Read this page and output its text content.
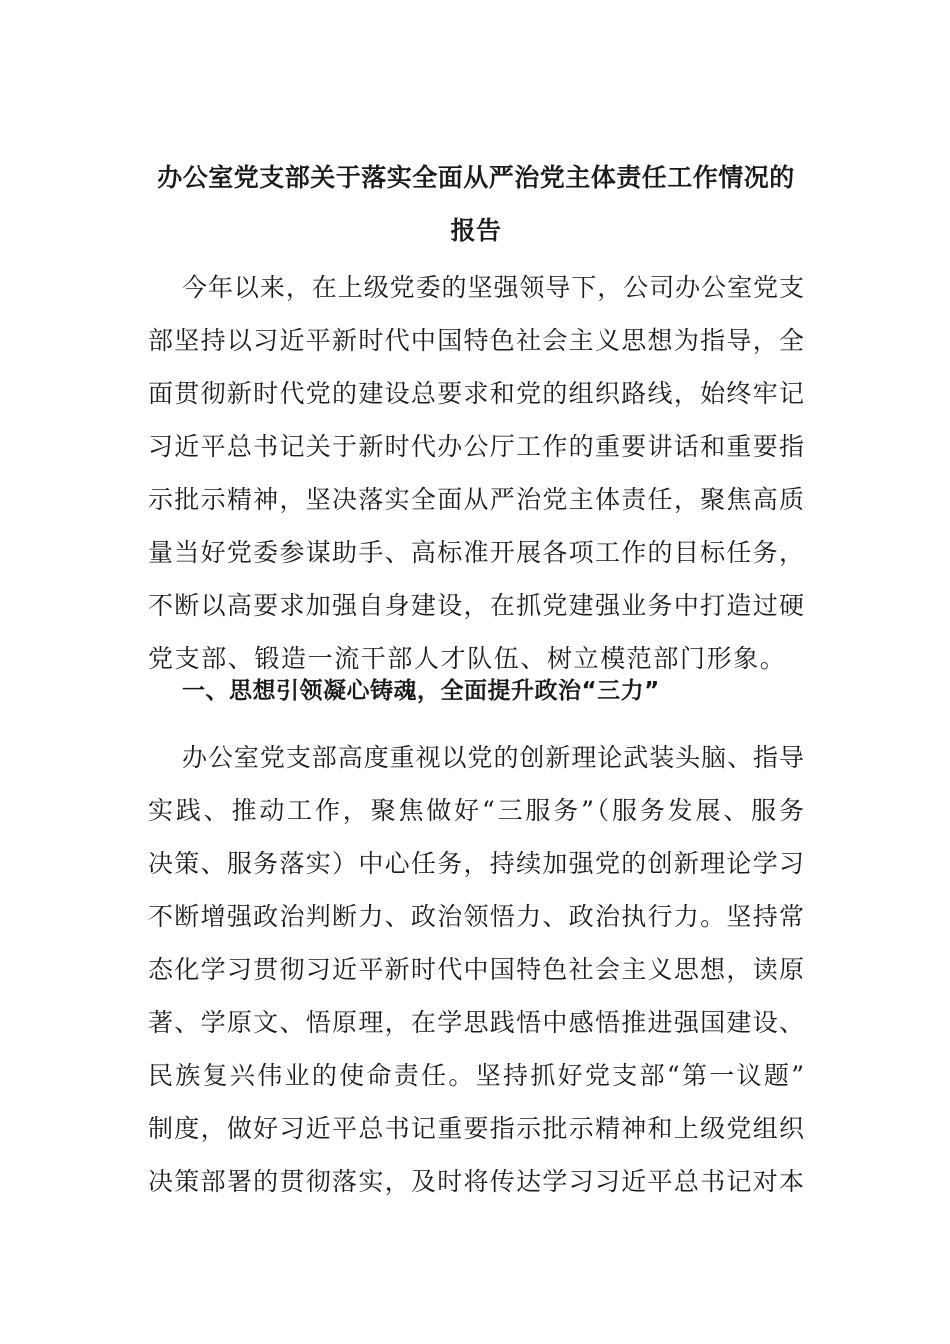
办公室党支部关于落实全面从严治党主体责任工作情况的
报告
今年以来，在上级党委的坚强领导下，公司办公室党支
部坚持以习近平新时代中国特色社会主义思想为指导，全
面贯彻新时代党的建设总要求和党的组织路线，始终牢记
习近平总书记关于新时代办公厅工作的重要讲话和重要指
示批示精神，坚决落实全面从严治党主体责任，聚焦高质
量当好党委参谋助手、高标准开展各项工作的目标任务，
不断以高要求加强自身建设，在抓党建强业务中打造过硬
党支部、锻造一流干部人才队伍、树立模范部门形象。
一、思想引领凝心铸魂，全面提升政治“三力”
办公室党支部高度重视以党的创新理论武装头脑、指导
实践、推动工作，聚焦做好“三服务”（服务发展、服务
决策、服务落实）中心任务，持续加强党的创新理论学习
不断增强政治判断力、政治领悟力、政治执行力。坚持常
态化学习贯彻习近平新时代中国特色社会主义思想，读原
著、学原文、悟原理，在学思践悟中感悟推进强国建设、
民族复兴伟业的使命责任。坚持抓好党支部“第一议题”
制度，做好习近平总书记重要指示批示精神和上级党组织
决策部署的贯彻落实，及时将传达学习习近平总书记对本
